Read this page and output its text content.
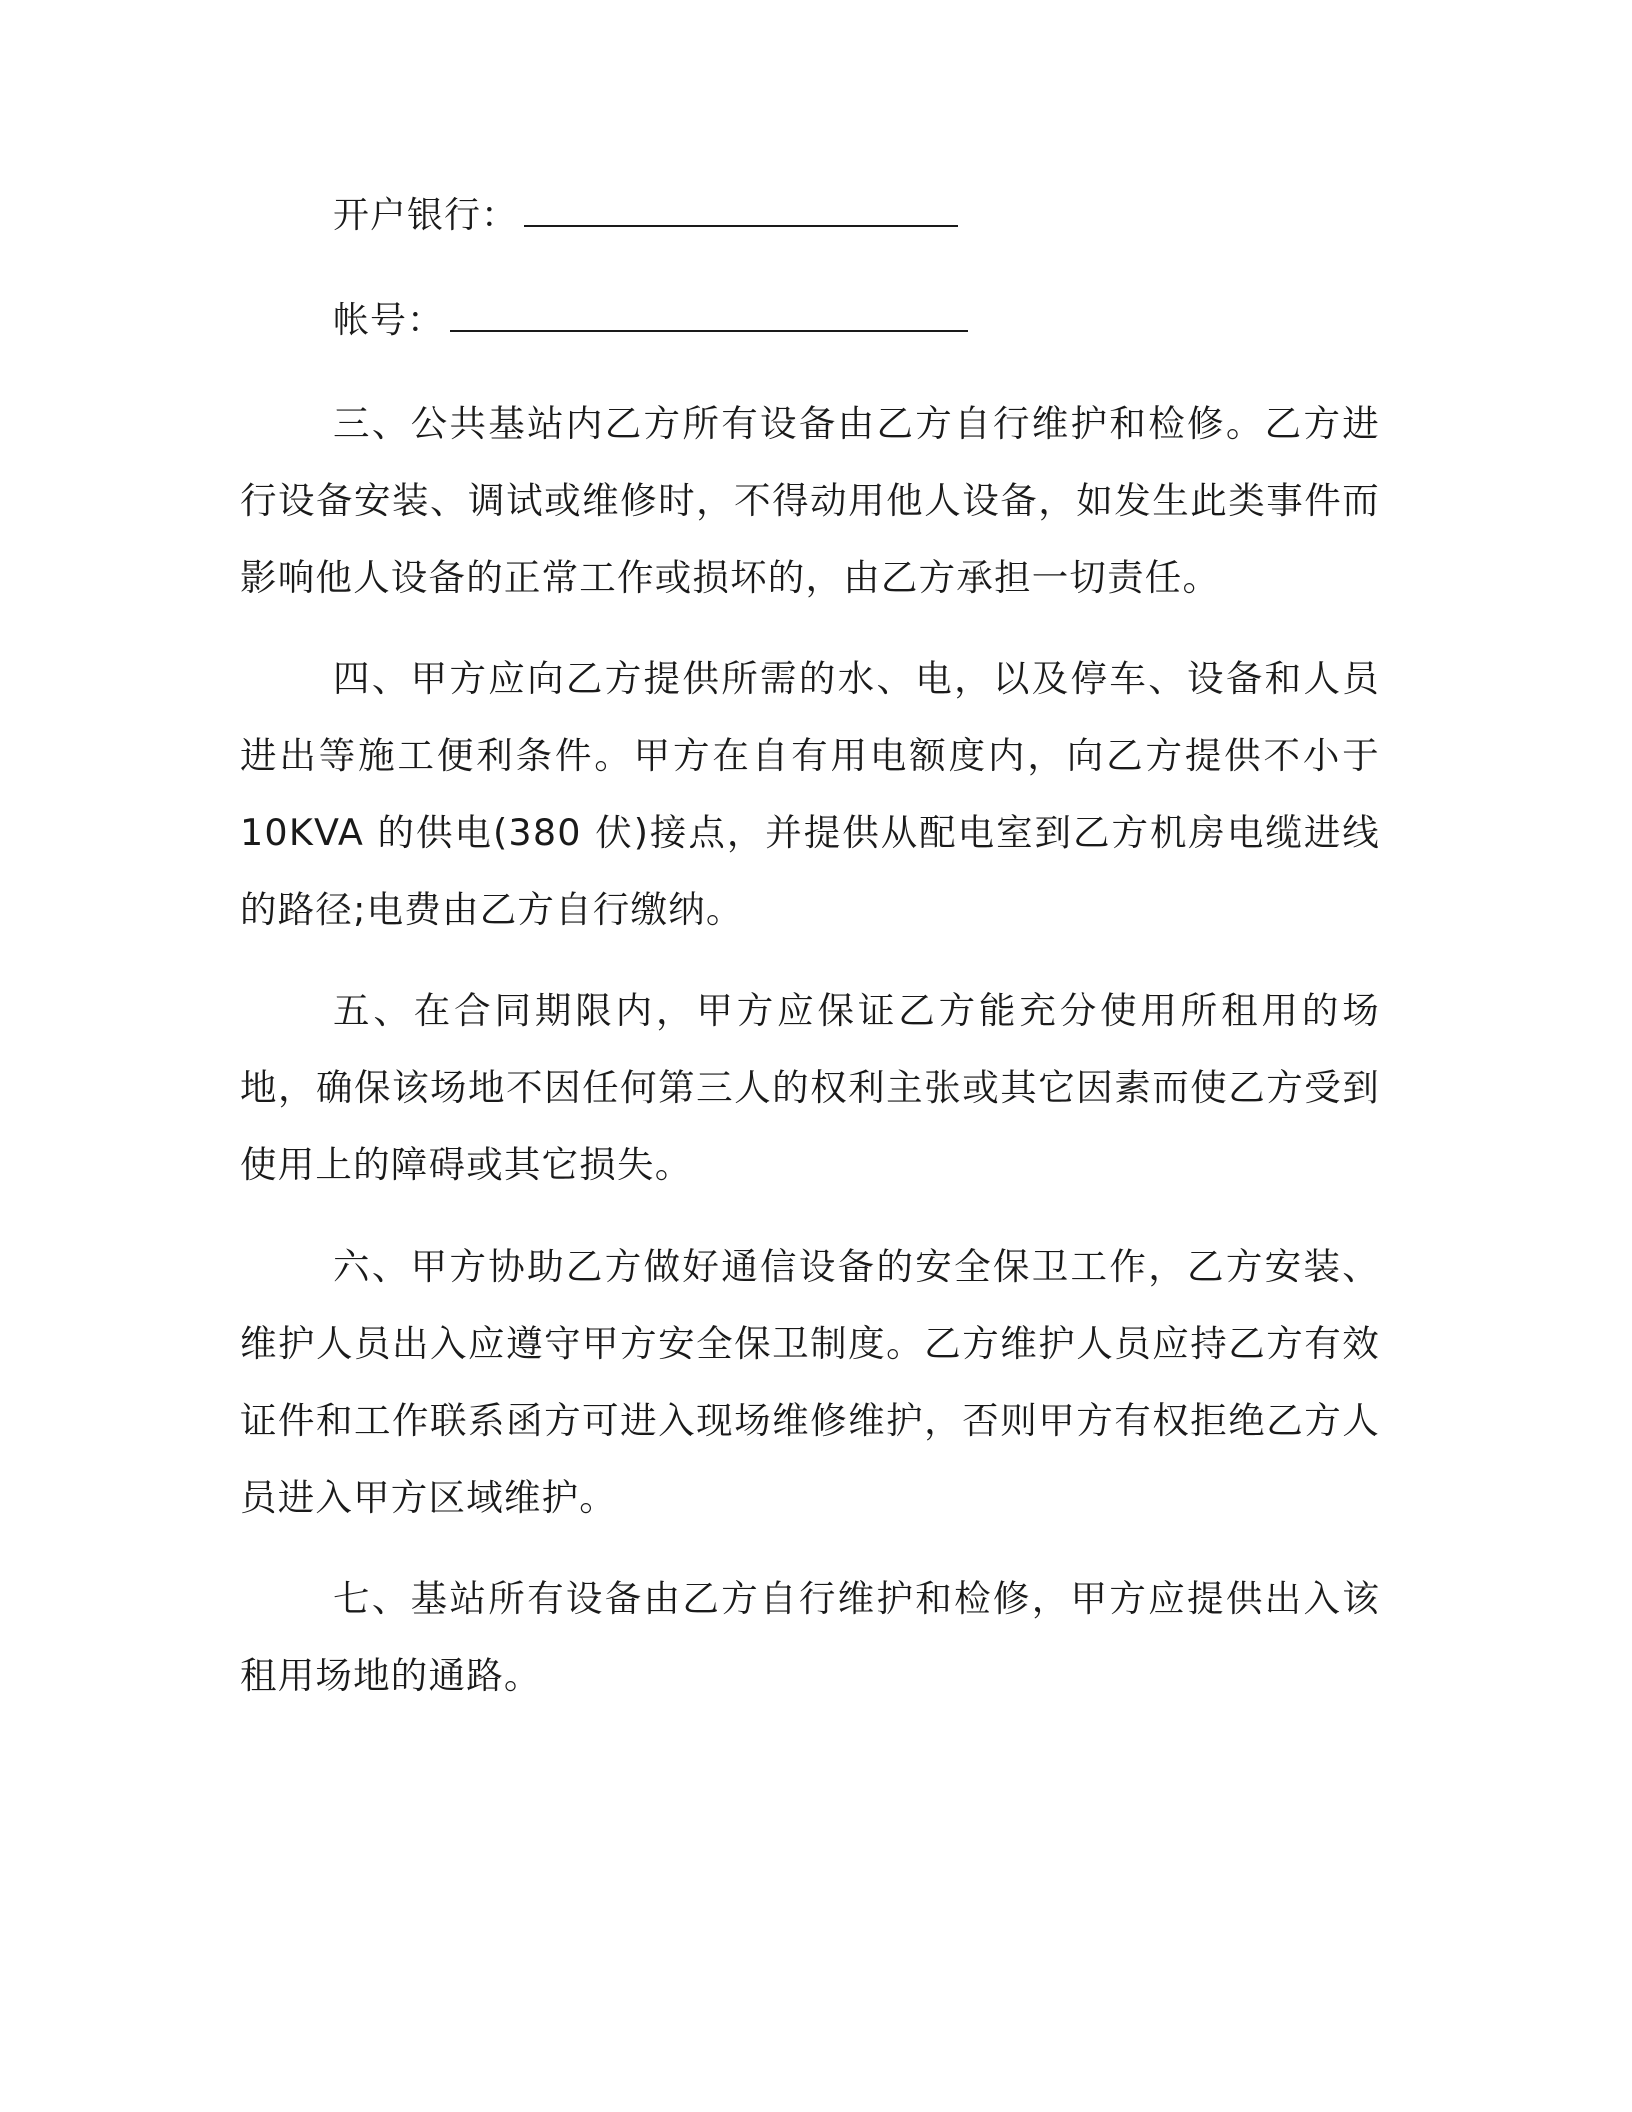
开户银行：
帐号：

三、公共基站内乙方所有设备由乙方自行维护和检修。乙方进行设备安装、调试或维修时，不得动用他人设备，如发生此类事件而影响他人设备的正常工作或损坏的，由乙方承担一切责任。

四、甲方应向乙方提供所需的水、电，以及停车、设备和人员进出等施工便利条件。甲方在自有用电额度内，向乙方提供不小于10KVA 的供电(380 伏)接点，并提供从配电室到乙方机房电缆进线的路径;电费由乙方自行缴纳。

五、在合同期限内，甲方应保证乙方能充分使用所租用的场地，确保该场地不因任何第三人的权利主张或其它因素而使乙方受到使用上的障碍或其它损失。

六、甲方协助乙方做好通信设备的安全保卫工作，乙方安装、维护人员出入应遵守甲方安全保卫制度。乙方维护人员应持乙方有效证件和工作联系函方可进入现场维修维护，否则甲方有权拒绝乙方人员进入甲方区域维护。

七、基站所有设备由乙方自行维护和检修，甲方应提供出入该租用场地的通路。
